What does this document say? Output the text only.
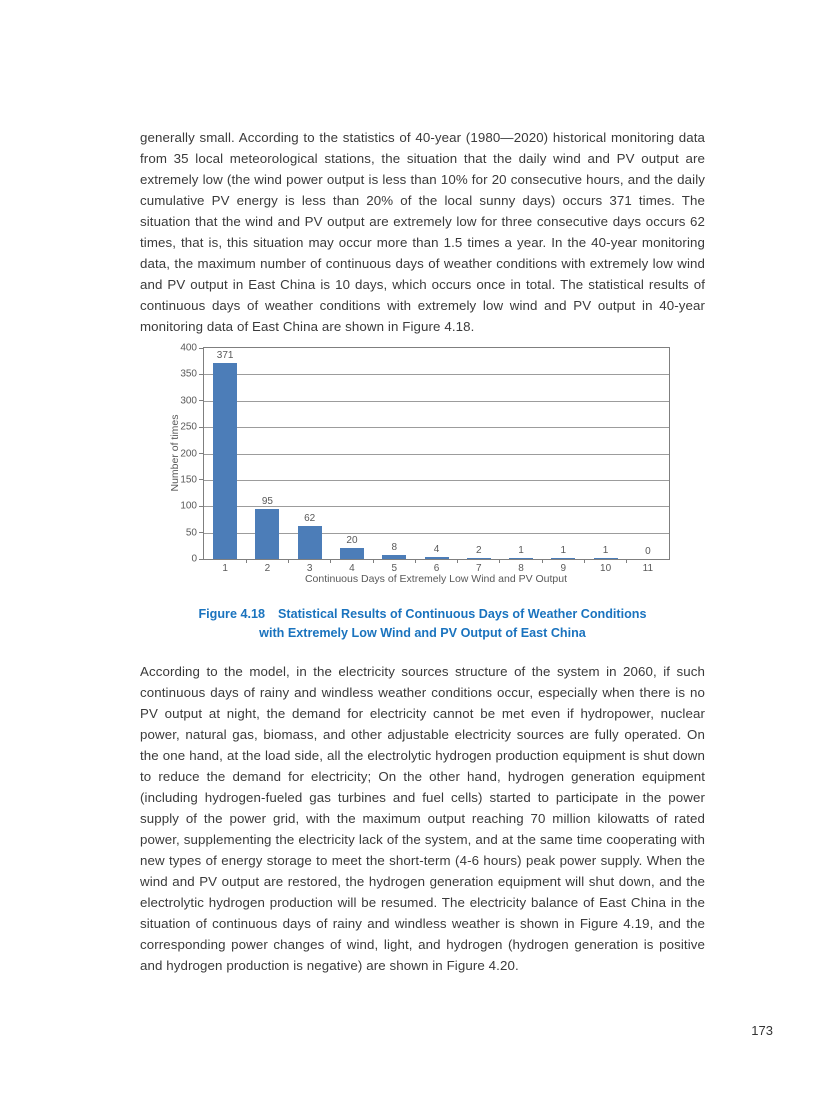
generally small. According to the statistics of 40-year (1980—2020) historical monitoring data from 35 local meteorological stations, the situation that the daily wind and PV output are extremely low (the wind power output is less than 10% for 20 consecutive hours, and the daily cumulative PV energy is less than 20% of the local sunny days) occurs 371 times. The situation that the wind and PV output are extremely low for three consecutive days occurs 62 times, that is, this situation may occur more than 1.5 times a year. In the 40-year monitoring data, the maximum number of continuous days of weather conditions with extremely low wind and PV output in East China is 10 days, which occurs once in total. The statistical results of continuous days of weather conditions with extremely low wind and PV output in 40-year monitoring data of East China are shown in Figure 4.18.

0
50
100
150
200
250
300
350
400
371
1
95
2
62
3
20
4
8
5
4
6
2
7
1
8
1
9
1
10
0
11
Number of times
Continuous Days of Extremely Low Wind and PV Output
Figure 4.18 Statistical Results of Continuous Days of Weather Conditions
with Extremely Low Wind and PV Output of East China

According to the model, in the electricity sources structure of the system in 2060, if such continuous days of rainy and windless weather conditions occur, especially when there is no PV output at night, the demand for electricity cannot be met even if hydropower, nuclear power, natural gas, biomass, and other adjustable electricity sources are fully operated. On the one hand, at the load side, all the electrolytic hydrogen production equipment is shut down to reduce the demand for electricity; On the other hand, hydrogen generation equipment (including hydrogen-fueled gas turbines and fuel cells) started to participate in the power supply of the power grid, with the maximum output reaching 70 million kilowatts of rated power, supplementing the electricity lack of the system, and at the same time cooperating with new types of energy storage to meet the short-term (4-6 hours) peak power supply. When the wind and PV output are restored, the hydrogen generation equipment will shut down, and the electrolytic hydrogen production will be resumed. The electricity balance of East China in the situation of continuous days of rainy and windless weather is shown in Figure 4.19, and the corresponding power changes of wind, light, and hydrogen (hydrogen generation is positive and hydrogen production is negative) are shown in Figure 4.20.

173
